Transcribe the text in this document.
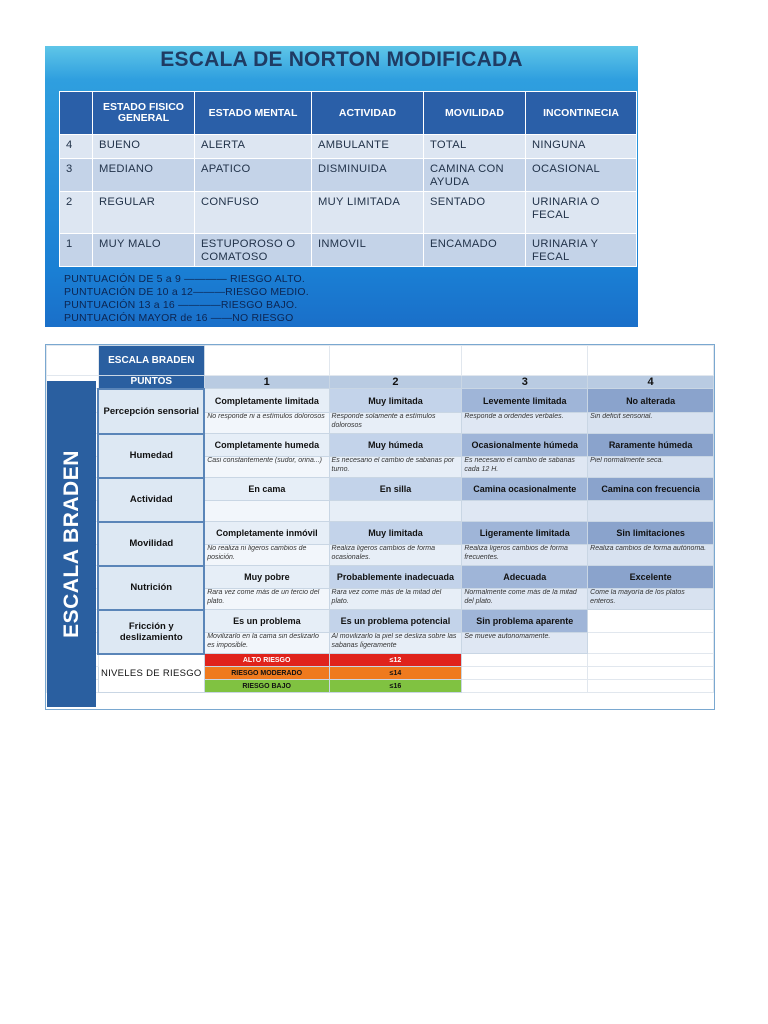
ESCALA DE NORTON MODIFICADA
	ESTADO FISICO GENERAL	ESTADO MENTAL	ACTIVIDAD	MOVILIDAD	INCONTINECIA
4	BUENO	ALERTA	AMBULANTE	TOTAL	NINGUNA
3	MEDIANO	APATICO	DISMINUIDA	CAMINA CON AYUDA	OCASIONAL
2	REGULAR	CONFUSO	MUY LIMITADA	SENTADO	URINARIA O FECAL
1	MUY MALO	ESTUPOROSO O COMATOSO	INMOVIL	ENCAMADO	URINARIA Y FECAL
PUNTUACIÓN DE 5 a 9 ———— RIESGO ALTO.
PUNTUACIÓN DE 10 a 12———RIESGO MEDIO.
PUNTUACIÓN 13 a 16 ————RIESGO BAJO.
PUNTUACIÓN MAYOR de 16 ——NO RIESGO
	ESCALA BRADEN				
	PUNTOS	1	2	3	4
	Percepción sensorial	Completamente limitada	Muy limitada	Levemente limitada	No alterada
		No responde ni a estímulos dolorosos	Responde solamente a estímulos dolorosos	Responde a ordendes verbales.	Sin deficit sensorial.
	Humedad	Completamente humeda	Muy húmeda	Ocasionalmente húmeda	Raramente húmeda
		Casi constantemente (sudor, orina...)	Es necesario el cambio de sabanas por turno.	Es necesario el cambio de sabanas cada 12 H.	Piel normalmente seca.
	Actividad	En cama	En silla	Camina ocasionalmente	Camina con frecuencia

	Movilidad	Completamente inmóvil	Muy limitada	Ligeramente limitada	Sin limitaciones
		No realiza ni ligeros cambios de posición.	Realiza ligeros cambios de forma ocasionales.	Realiza ligeros cambios de forma frecuentes.	Realiza cambios de forma autónoma.
	Nutrición	Muy pobre	Probablemente inadecuada	Adecuada	Excelente
		Rara vez come más de un tercio del plato.	Rara vez come más de la mitad del plato.	Normalmente come más de la mitad del plato.	Come la mayoría de los platos enteros.
	Fricción y deslizamiento	Es un problema	Es un problema potencial	Sin problema aparente	
		Movilizarlo en la cama sin deslizarlo es imposible.	Al movilizarlo la piel se desliza sobre las sabanas ligeramente	Se mueve autonomamente.	
	NIVELES DE RIESGO	ALTO RIESGO	≤12		
		RIESGO MODERADO	≤14		
		RIESGO BAJO	≤16		
ESCALA BRADEN
